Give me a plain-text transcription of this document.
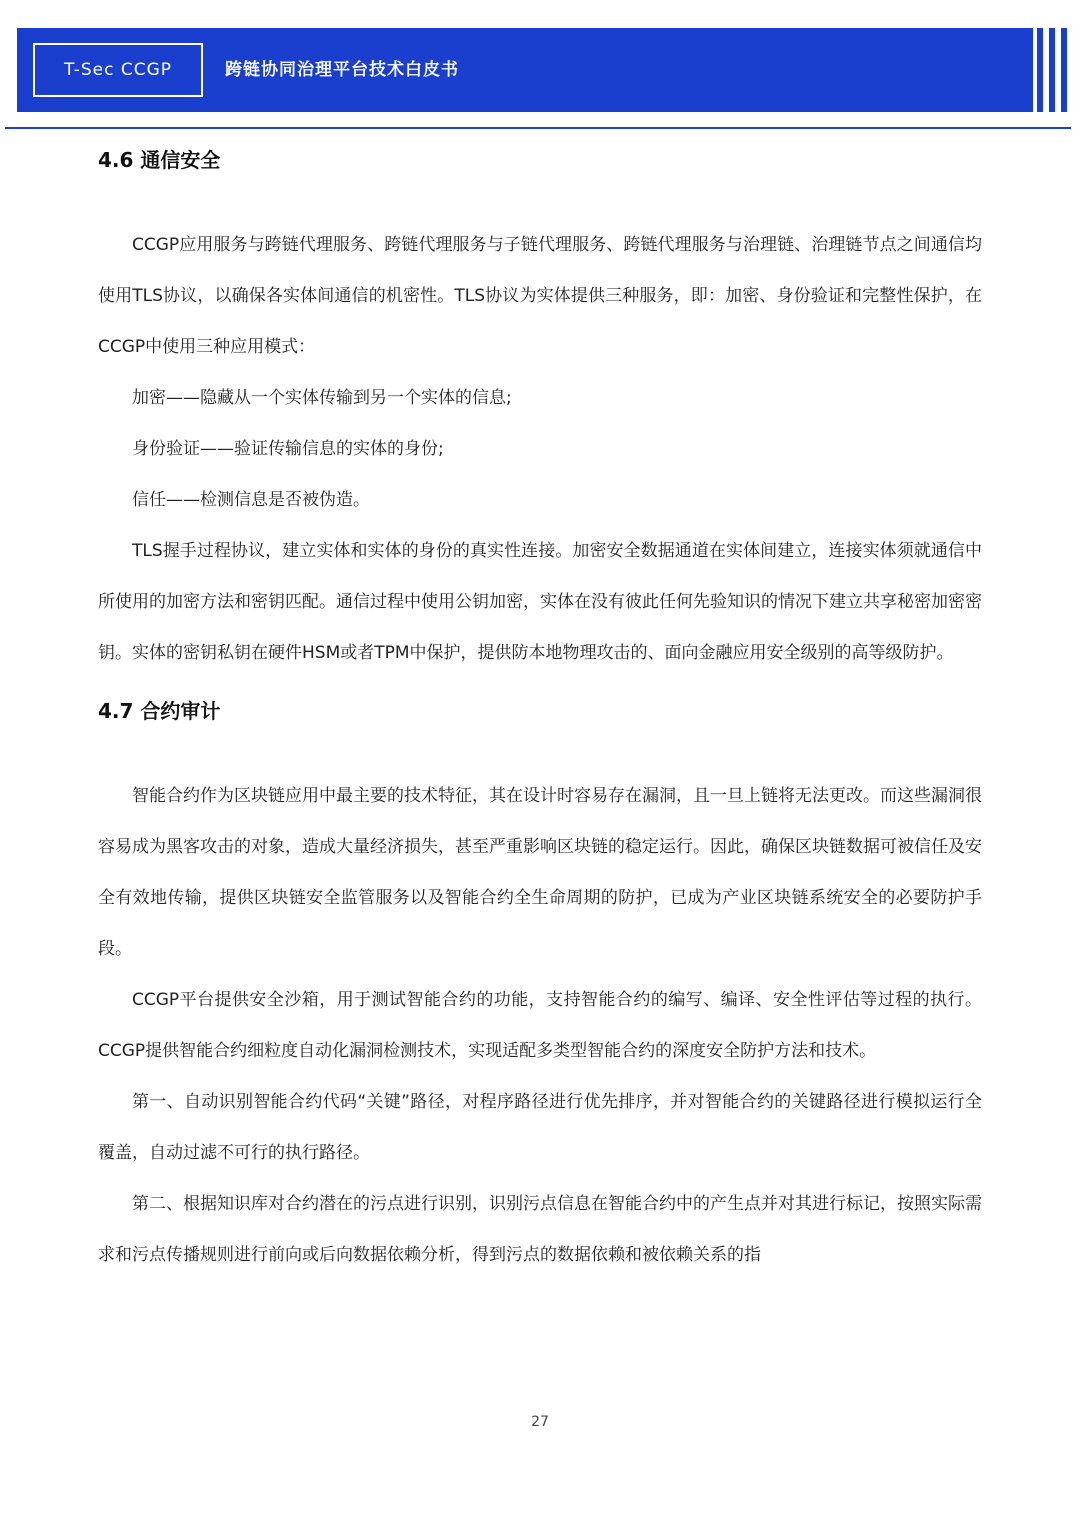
T-Sec CCGP	跨链协同治理平台技术白皮书
4.6 通信安全

CCGP应用服务与跨链代理服务、跨链代理服务与子链代理服务、跨链代理服务与治理链、治理链节点之间通信均使用TLS协议，以确保各实体间通信的机密性。TLS协议为实体提供三种服务，即：加密、身份验证和完整性保护，在CCGP中使用三种应用模式：

加密——隐藏从一个实体传输到另一个实体的信息;

身份验证——验证传输信息的实体的身份;

信任——检测信息是否被伪造。

TLS握手过程协议，建立实体和实体的身份的真实性连接。加密安全数据通道在实体间建立，连接实体须就通信中所使用的加密方法和密钥匹配。通信过程中使用公钥加密，实体在没有彼此任何先验知识的情况下建立共享秘密加密密钥。实体的密钥私钥在硬件HSM或者TPM中保护，提供防本地物理攻击的、面向金融应用安全级别的高等级防护。

4.7 合约审计

智能合约作为区块链应用中最主要的技术特征，其在设计时容易存在漏洞，且一旦上链将无法更改。而这些漏洞很容易成为黑客攻击的对象，造成大量经济损失，甚至严重影响区块链的稳定运行。因此，确保区块链数据可被信任及安全有效地传输，提供区块链安全监管服务以及智能合约全生命周期的防护，已成为产业区块链系统安全的必要防护手段。

CCGP平台提供安全沙箱，用于测试智能合约的功能，支持智能合约的编写、编译、安全性评估等过程的执行。CCGP提供智能合约细粒度自动化漏洞检测技术，实现适配多类型智能合约的深度安全防护方法和技术。

第一、自动识别智能合约代码“关键”路径，对程序路径进行优先排序，并对智能合约的关键路径进行模拟运行全覆盖，自动过滤不可行的执行路径。

第二、根据知识库对合约潜在的污点进行识别，识别污点信息在智能合约中的产生点并对其进行标记，按照实际需求和污点传播规则进行前向或后向数据依赖分析，得到污点的数据依赖和被依赖关系的指

27
